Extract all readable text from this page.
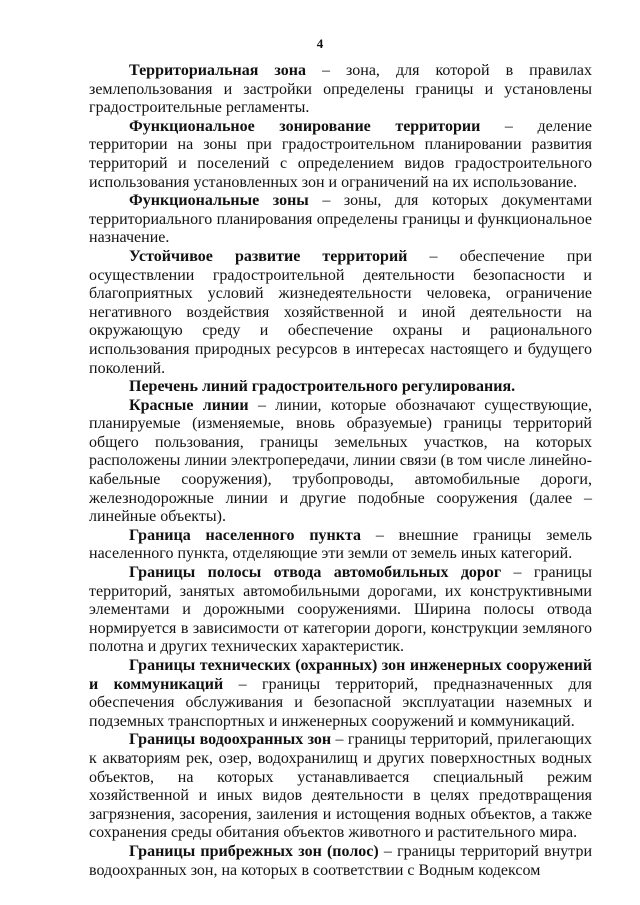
4

Территориальная зона – зона, для которой в правилах землепользования и застройки определены границы и установлены градостроительные регламенты.

Функциональное зонирование территории – деление территории на зоны при градостроительном планировании развития территорий и поселений с определением видов градостроительного использования установленных зон и ограничений на их использование.

Функциональные зоны – зоны, для которых документами территориального планирования определены границы и функциональное назначение.

Устойчивое развитие территорий – обеспечение при осуществлении градостроительной деятельности безопасности и благоприятных условий жизнедеятельности человека, ограничение негативного воздействия хозяйственной и иной деятельности на окружающую среду и обеспечение охраны и рационального использования природных ресурсов в интересах настоящего и будущего поколений.

Перечень линий градостроительного регулирования.

Красные линии – линии, которые обозначают существующие, планируемые (изменяемые, вновь образуемые) границы территорий общего пользования, границы земельных участков, на которых расположены линии электропередачи, линии связи (в том числе линейно-кабельные сооружения), трубопроводы, автомобильные дороги, железнодорожные линии и другие подобные сооружения (далее – линейные объекты).

Граница населенного пункта – внешние границы земель населенного пункта, отделяющие эти земли от земель иных категорий.

Границы полосы отвода автомобильных дорог – границы территорий, занятых автомобильными дорогами, их конструктивными элементами и дорожными сооружениями. Ширина полосы отвода нормируется в зависимости от категории дороги, конструкции земляного полотна и других технических характеристик.

Границы технических (охранных) зон инженерных сооружений и коммуникаций – границы территорий, предназначенных для обеспечения обслуживания и безопасной эксплуатации наземных и подземных транспортных и инженерных сооружений и коммуникаций.

Границы водоохранных зон – границы территорий, прилегающих к акваториям рек, озер, водохранилищ и других поверхностных водных объектов, на которых устанавливается специальный режим хозяйственной и иных видов деятельности в целях предотвращения загрязнения, засорения, заиления и истощения водных объектов, а также сохранения среды обитания объектов животного и растительного мира.

Границы прибрежных зон (полос) – границы территорий внутри водоохранных зон, на которых в соответствии с Водным кодексом
